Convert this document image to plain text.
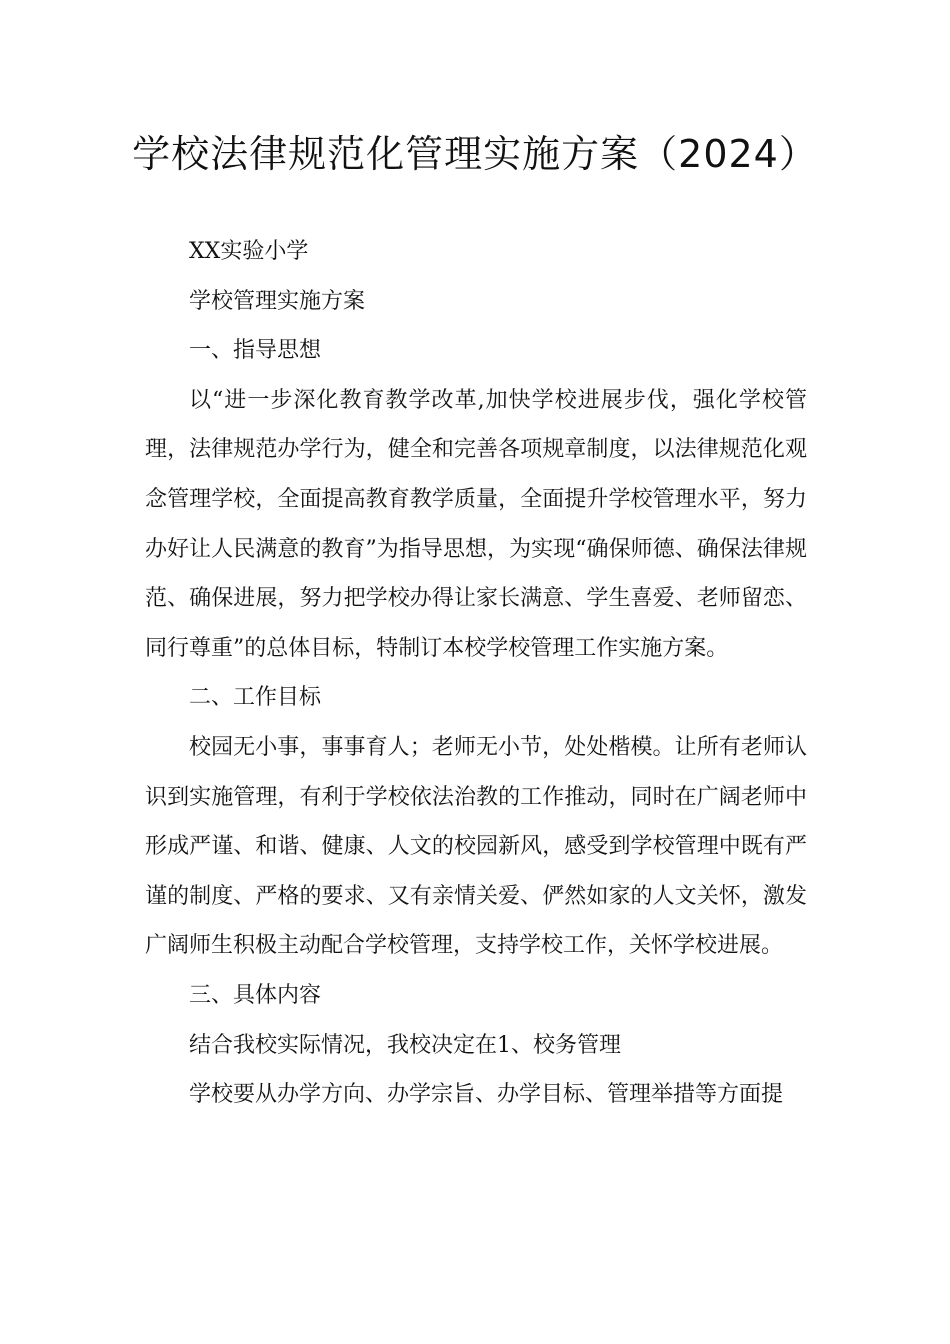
学校法律规范化管理实施方案（2024）

XX实验小学

学校管理实施方案

一、指导思想

以“进一步深化教育教学改革,加快学校进展步伐，强化学校管理，法律规范办学行为，健全和完善各项规章制度，以法律规范化观念管理学校，全面提高教育教学质量，全面提升学校管理水平，努力办好让人民满意的教育”为指导思想，为实现“确保师德、确保法律规范、确保进展，努力把学校办得让家长满意、学生喜爱、老师留恋、同行尊重”的总体目标，特制订本校学校管理工作实施方案。

二、工作目标

校园无小事，事事育人；老师无小节，处处楷模。让所有老师认识到实施管理，有利于学校依法治教的工作推动，同时在广阔老师中形成严谨、和谐、健康、人文的校园新风，感受到学校管理中既有严谨的制度、严格的要求、又有亲情关爱、俨然如家的人文关怀，激发广阔师生积极主动配合学校管理，支持学校工作，关怀学校进展。

三、具体内容

结合我校实际情况，我校决定在1、校务管理

学校要从办学方向、办学宗旨、办学目标、管理举措等方面提
